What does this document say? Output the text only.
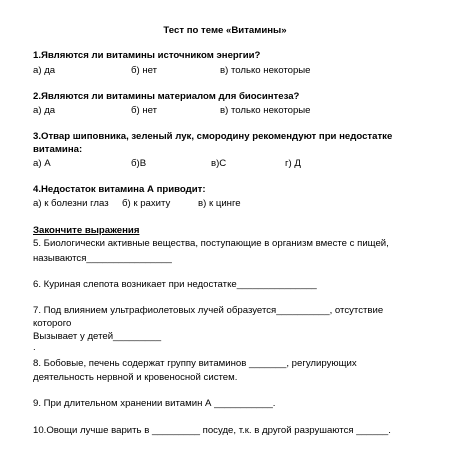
Тест по теме «Витамины»
1.Являются ли витамины источником энергии?
а) да	б) нет	в) только некоторые
2.Являются ли витамины материалом для биосинтеза?
а) да	б) нет	в) только некоторые
3.Отвар шиповника, зеленый лук, смородину рекомендуют при недостатке
витамина:
а) А	б)В	в)С	г) Д
4.Недостаток витамина А приводит:
а) к болезни глаз б) к рахиту	в) к цинге
Закончите выражения
5. Биологически активные вещества, поступающие в организм вместе с пищей,
называются________________
6. Куриная слепота возникает при недостатке_______________
7. Под влиянием ультрафиолетовых лучей образуется__________, отсутствие
которого
Вызывает у детей_________
.
8. Бобовые, печень содержат группу витаминов _______, регулирующих
деятельность нервной и кровеносной систем.
9. При длительном хранении витамин А ___________.
10.Овощи лучше варить в _________ посуде, т.к. в другой разрушаются ______.
